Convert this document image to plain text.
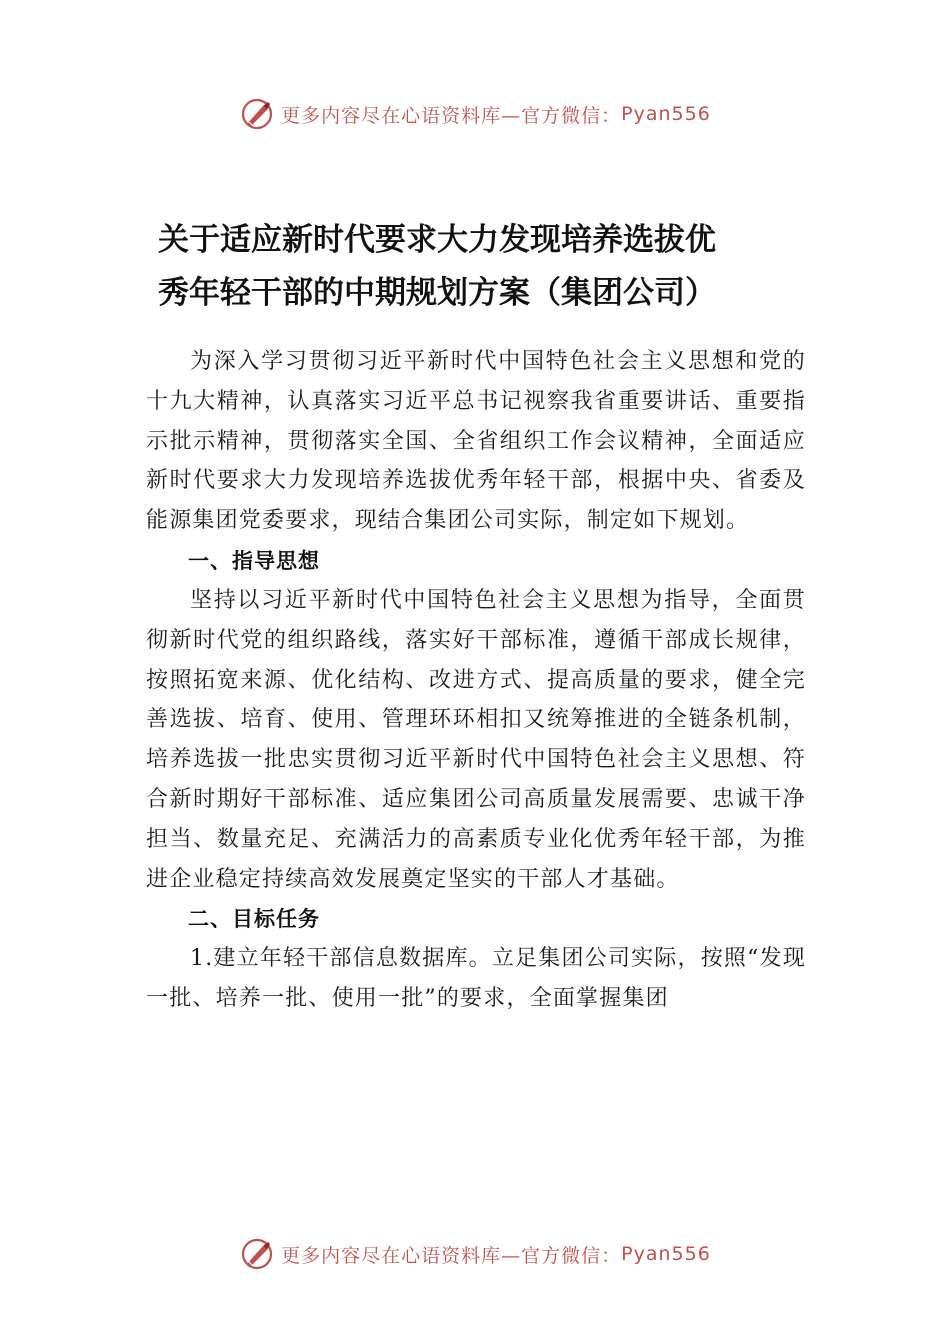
更多内容尽在心语资料库—官方微信： Pyan556
关于适应新时代要求大力发现培养选拔优
秀年轻干部的中期规划方案（集团公司）

为深入学习贯彻习近平新时代中国特色社会主义思想和党的十九大精神，认真落实习近平总书记视察我省重要讲话、重要指示批示精神，贯彻落实全国、全省组织工作会议精神，全面适应新时代要求大力发现培养选拔优秀年轻干部，根据中央、省委及能源集团党委要求，现结合集团公司实际，制定如下规划。

一、指导思想

坚持以习近平新时代中国特色社会主义思想为指导，全面贯彻新时代党的组织路线，落实好干部标准，遵循干部成长规律，按照拓宽来源、优化结构、改进方式、提高质量的要求，健全完善选拔、培育、使用、管理环环相扣又统筹推进的全链条机制，培养选拔一批忠实贯彻习近平新时代中国特色社会主义思想、符合新时期好干部标准、适应集团公司高质量发展需要、忠诚干净担当、数量充足、充满活力的高素质专业化优秀年轻干部，为推进企业稳定持续高效发展奠定坚实的干部人才基础。

二、目标任务

1.建立年轻干部信息数据库。立足集团公司实际，按照“发现一批、培养一批、使用一批”的要求，全面掌握集团

更多内容尽在心语资料库—官方微信： Pyan556
